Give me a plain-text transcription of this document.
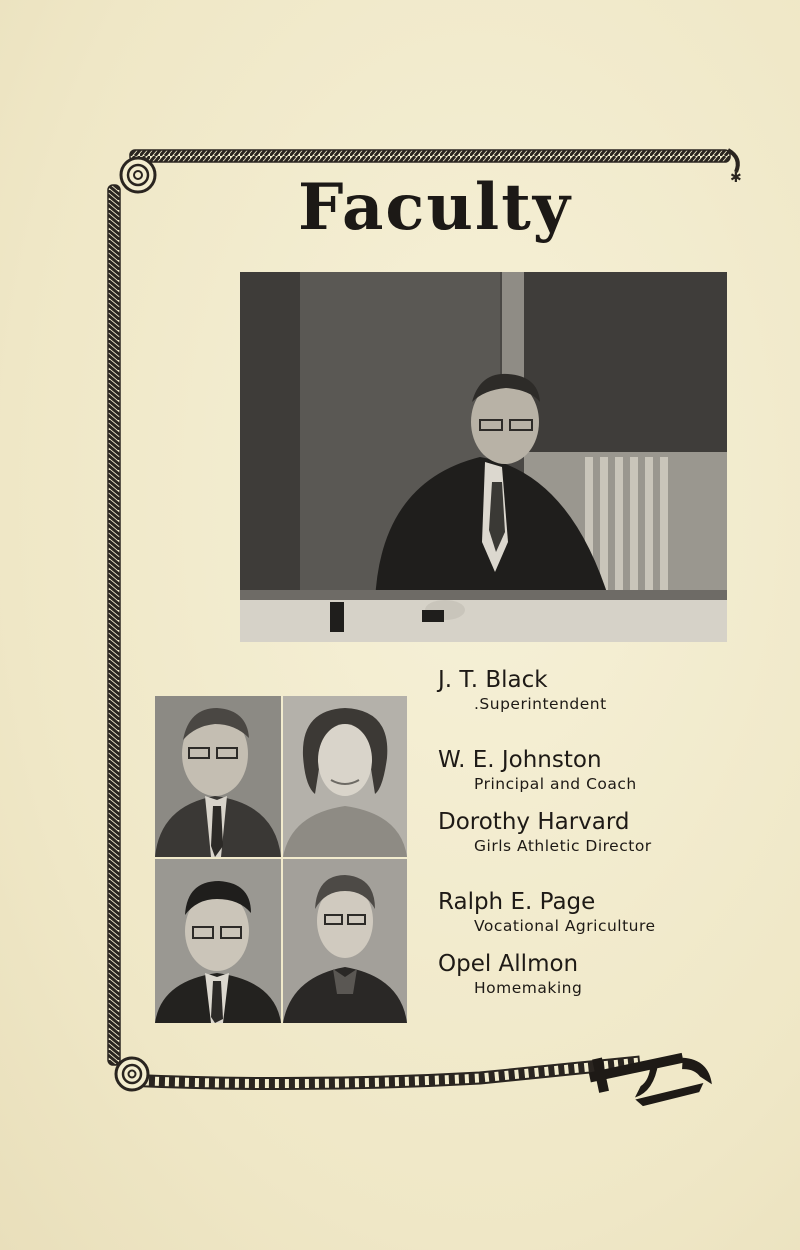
✱
Faculty
J. T. Black
.Superintendent
W. E. Johnston
Principal and Coach
Dorothy Harvard
Girls Athletic Director
Ralph E. Page
Vocational Agriculture
Opel Allmon
Homemaking
